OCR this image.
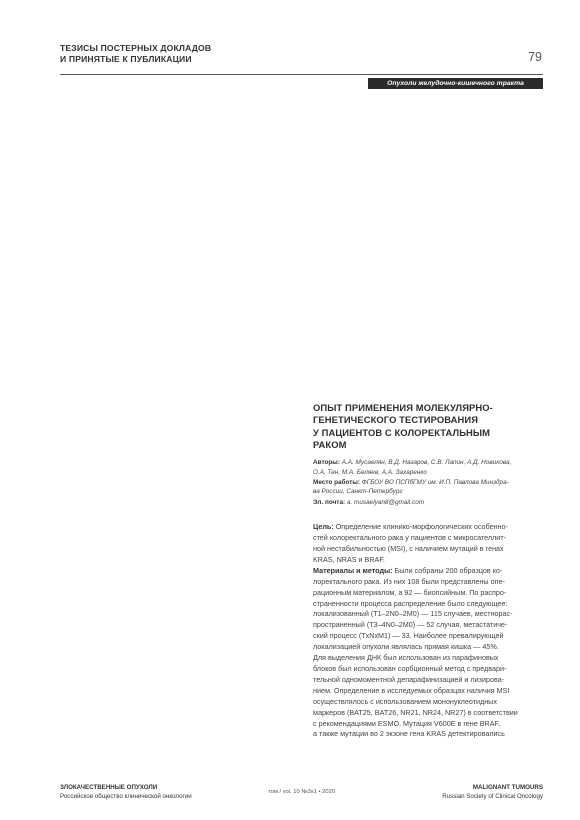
ТЕЗИСЫ ПОСТЕРНЫХ ДОКЛАДОВ
И ПРИНЯТЫЕ К ПУБЛИКАЦИИ	79
Опухоли желудочно-кишечного тракта
ОПЫТ ПРИМЕНЕНИЯ МОЛЕКУЛЯРНО-
ГЕНЕТИЧЕСКОГО ТЕСТИРОВАНИЯ
У ПАЦИЕНТОВ С КОЛОРЕКТАЛЬНЫМ
РАКОМ
Авторы: А.А. Мусаелян, В.Д. Назаров, С.В. Лапин, А.Д. Новикова,
О.А. Тен, М.А. Беляев, А.А. Захаренко
Место работы: ФГБОУ ВО ПСПбГМУ им. И.П. Павлова Минздра-
ва России, Санкт-Петербург
Эл. почта: a. musaelyan8@gmail.com
Цель: Определение клинико-морфологических особенно-
стей колоректального рака у пациентов с микросателлит-
ной нестабильностью (MSI), с наличием мутаций в генах
KRAS, NRAS и BRAF.
Материалы и методы: Были собраны 200 образцов ко-
лоректального рака. Из них 108 были представлены опе-
рационным материалом, а 92 — биопсийным. По распро-
страненности процесса распределение было следующее:
локализованный (T1–2N0–2M0) — 115 случаев, местнорас-
пространенный (T3–4N0–2M0) — 52 случая, метастатиче-
ский процесс (TxNxM1) — 33. Наиболее превалирующей
локализацией опухоли являлась прямая кишка — 45%.
Для выделения ДНК был использован из парафиновых
блоков был использован сорбционный метод с предвари-
тельной одномоментной депарафинизацией и лизирова-
нием. Определение в исследуемых образцах наличия MSI
осуществлялось с использованием мононуклеотидных
маркеров (BAT25, BAT26, NR21, NR24, NR27) в соответствии
с рекомендациями ESMO. Мутация V600E в гене BRAF,
а также мутации во 2 экзоне гена KRAS детектировались
ЗЛОКАЧЕСТВЕННЫЕ ОПУХОЛИ
Российское общество клинической онкологии
том / vol. 10 №3s1 • 2020
MALIGNANT TUMOURS
Russian Society of Clinical Oncology
